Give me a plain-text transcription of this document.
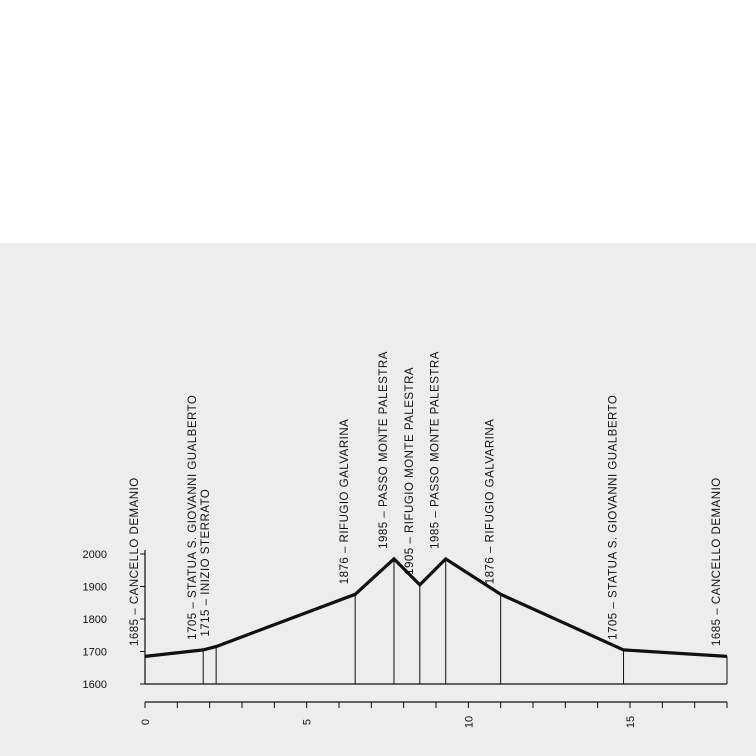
1600
1700
1800
1900
2000
0	5	10	15
1685 – CANCELLO DEMANIO	1705 – STATUA S. GIOVANNI GUALBERTO 1715 – INIZIO STERRATO	1876 – RIFUGIO GALVARINA 1985 – PASSO MONTE PALESTRA 1905 – RIFUGIO MONTE PALESTRA 1985 – PASSO MONTE PALESTRA	1876 – RIFUGIO GALVARINA	1705 – STATUA S. GIOVANNI GUALBERTO	1685 – CANCELLO DEMANIO
